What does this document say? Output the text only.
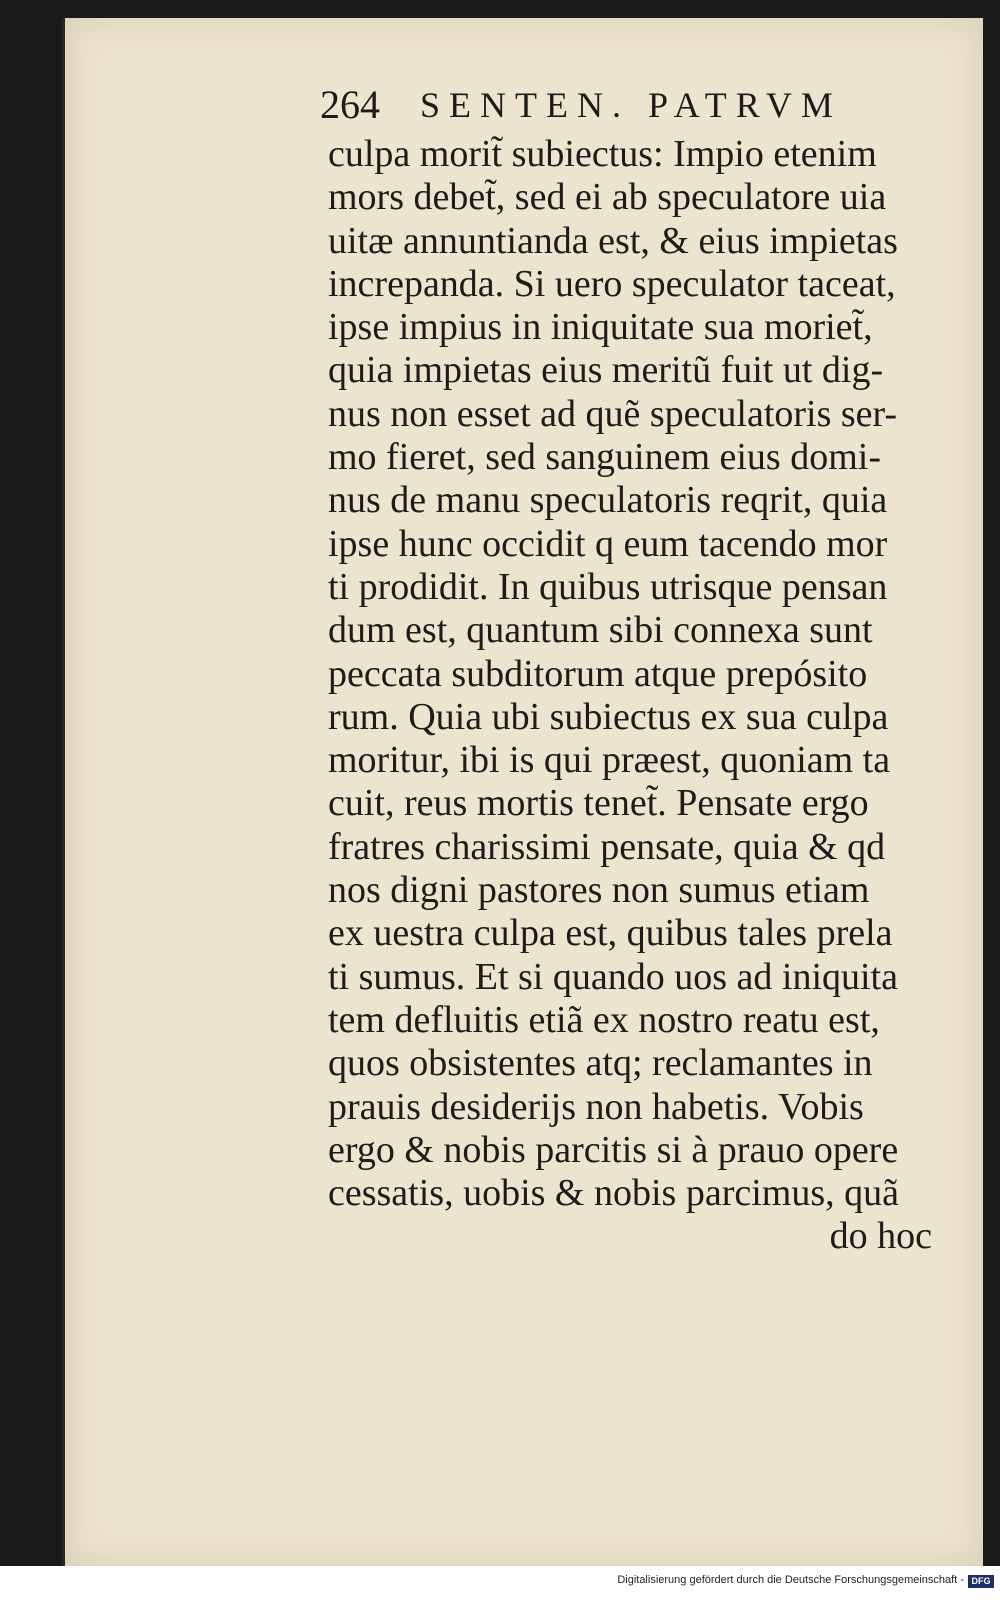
264 SENTEN. PATRVM
culpa morit̃ subiectus: Impio etenim
mors debet̃, sed ei ab speculatore uia
uitæ annuntianda est, & eius impietas
increpanda. Si uero speculator taceat,
ipse impius in iniquitate sua moriet̃,
quia impietas eius meritũ fuit ut dig-
nus non esset ad quẽ speculatoris ser-
mo fieret, sed sanguinem eius domi-
nus de manu speculatoris reqrit, quia
ipse hunc occidit q eum tacendo mor
ti prodidit. In quibus utrisque pensan
dum est, quantum sibi connexa sunt
peccata subditorum atque prepósito
rum. Quia ubi subiectus ex sua culpa
moritur, ibi is qui præest, quoniam ta
cuit, reus mortis tenet̃. Pensate ergo
fratres charissimi pensate, quia & qd
nos digni pastores non sumus etiam
ex uestra culpa est, quibus tales prela
ti sumus. Et si quando uos ad iniquita
tem defluitis etiã ex nostro reatu est,
quos obsistentes atq; reclamantes in
prauis desiderijs non habetis. Vobis
ergo & nobis parcitis si à prauo opere
cessatis, uobis & nobis parcimus, quã
do hoc
Digitalisierung gefördert durch die Deutsche Forschungsgemeinschaft - DFG
